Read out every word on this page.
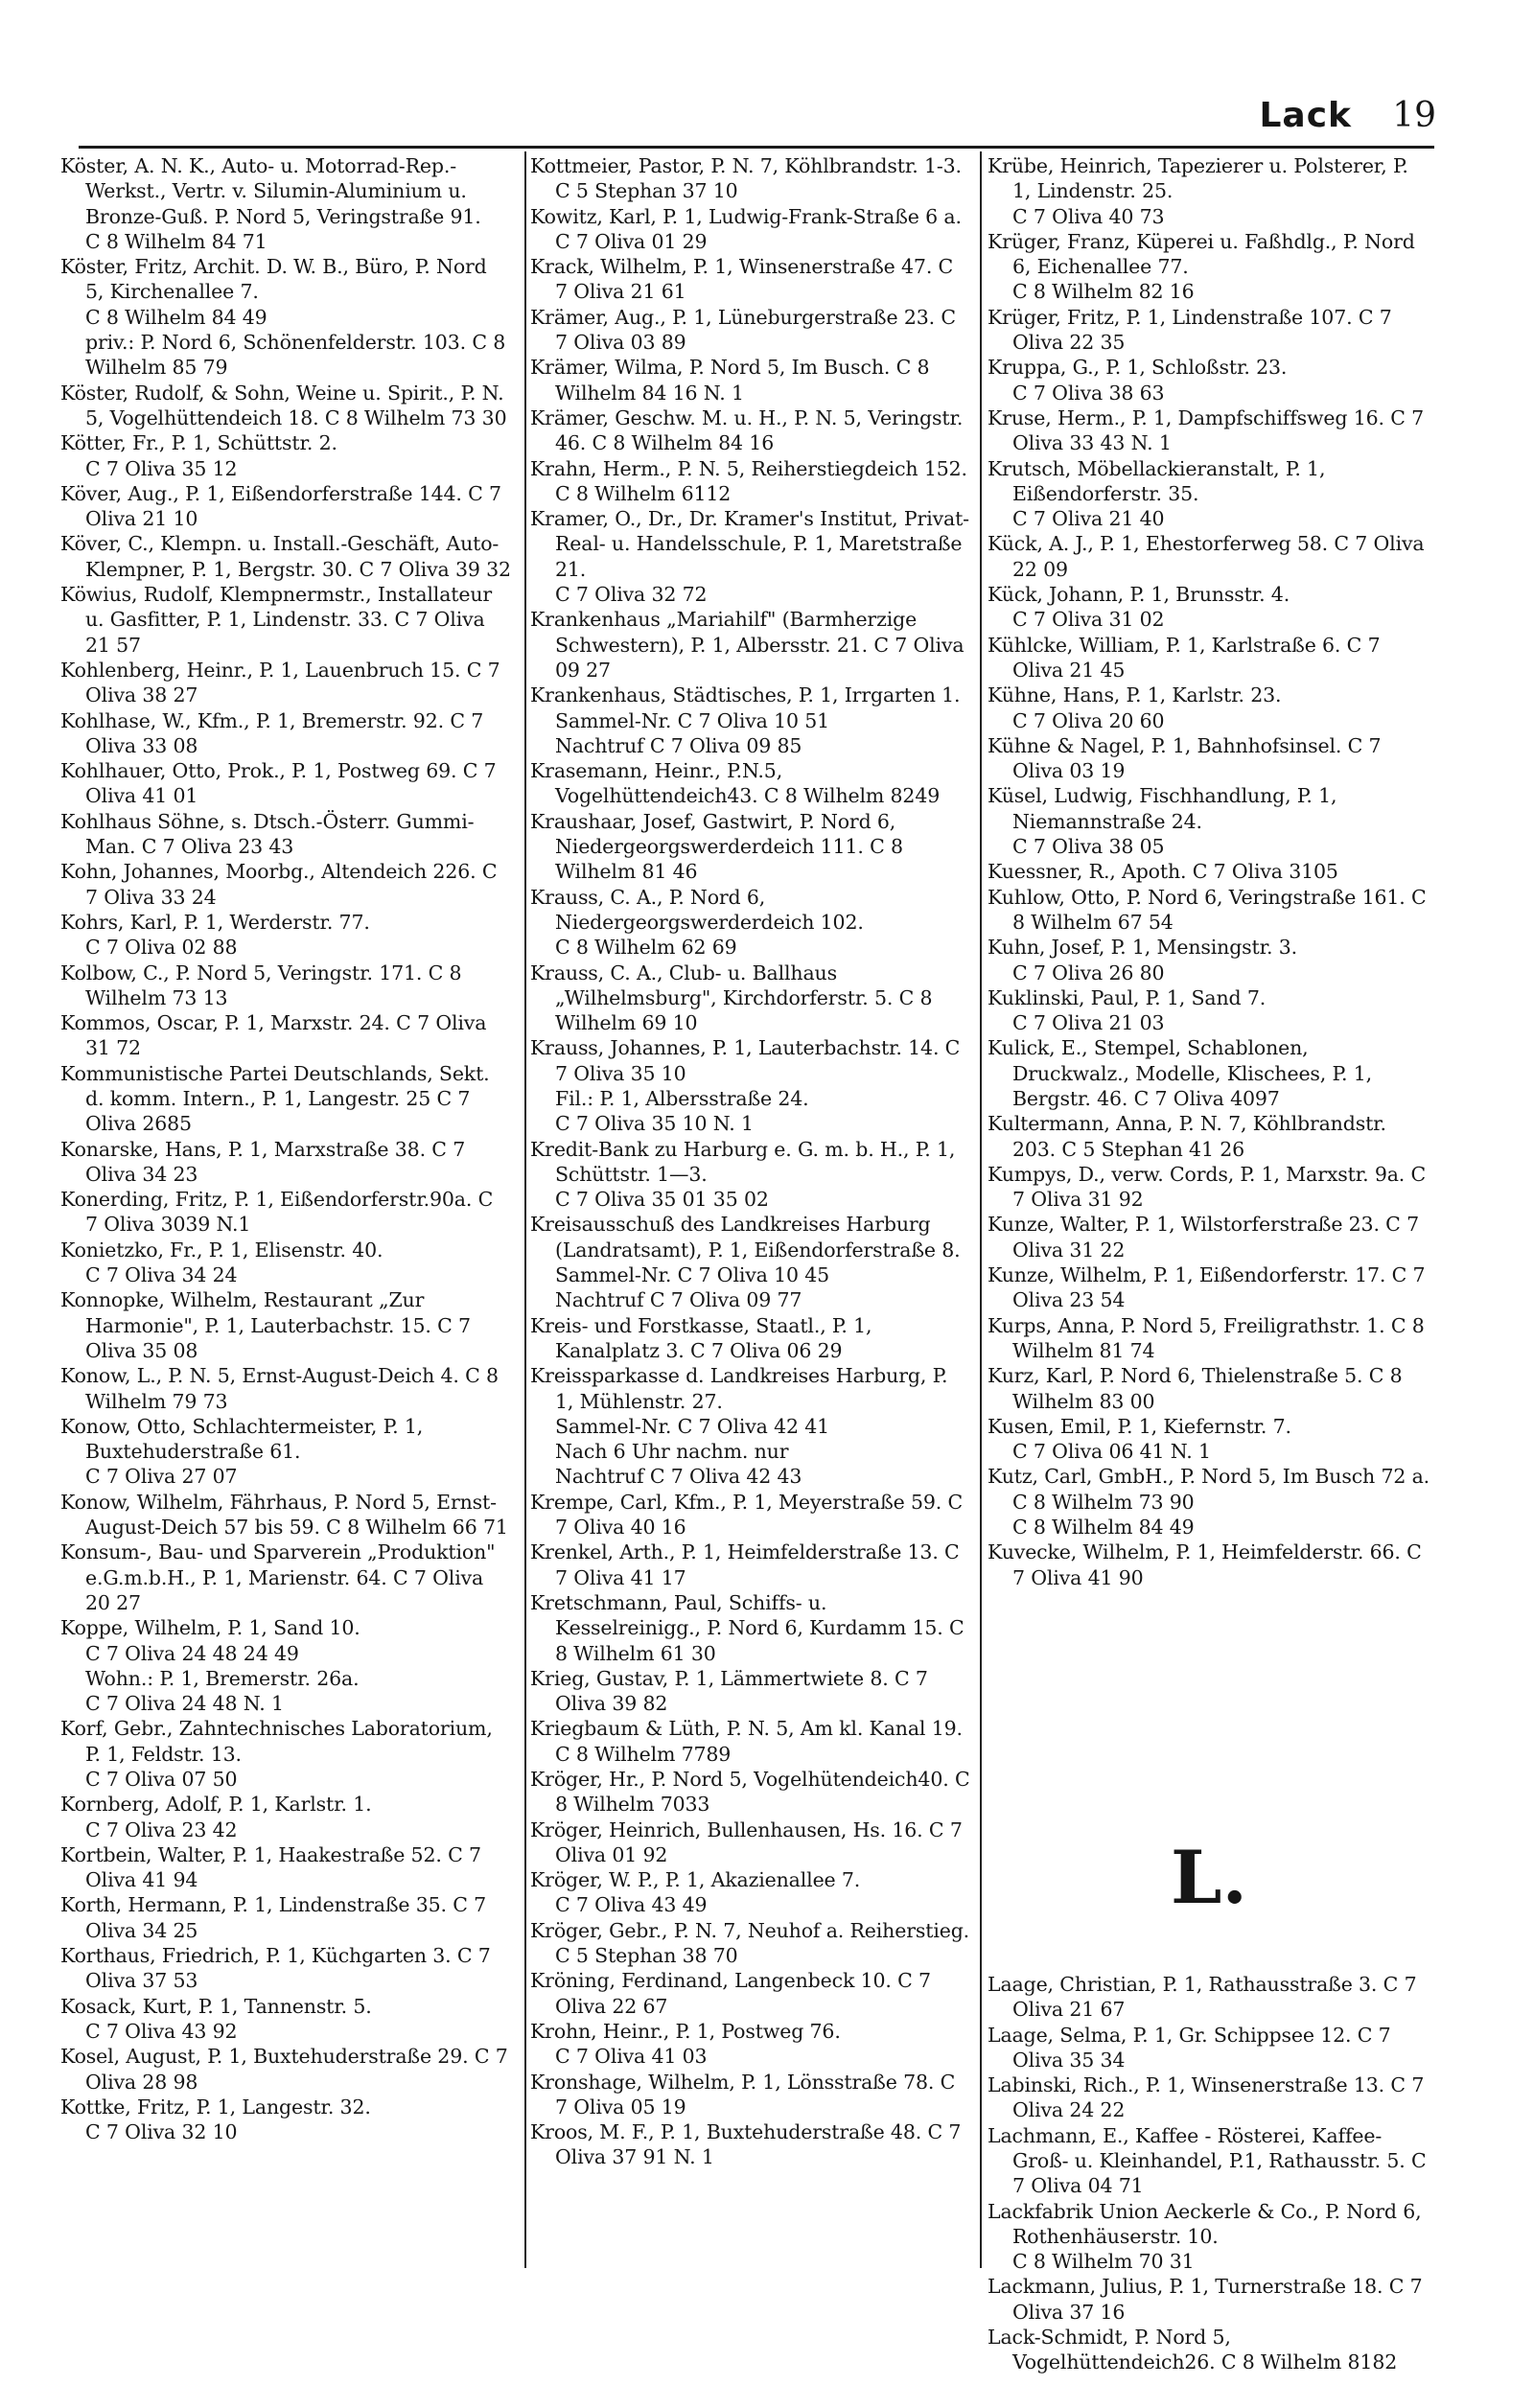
Lack 19
Köster, A. N. K., Auto- u. Motorrad-Rep.-Werkst., Vertr. v. Silumin-Aluminium u. Bronze-Guß. P. Nord 5, Veringstraße 91.
C 8 Wilhelm 84 71
Köster, Fritz, Archit. D. W. B., Büro, P. Nord 5, Kirchenallee 7.
C 8 Wilhelm 84 49
priv.: P. Nord 6, Schönenfelderstr. 103. C 8 Wilhelm 85 79
Köster, Rudolf, & Sohn, Weine u. Spirit., P. N. 5, Vogelhüttendeich 18. C 8 Wilhelm 73 30
Kötter, Fr., P. 1, Schüttstr. 2.
C 7 Oliva 35 12
Köver, Aug., P. 1, Eißendorferstraße 144. C 7 Oliva 21 10
Köver, C., Klempn. u. Install.-Geschäft, Auto-Klempner, P. 1, Bergstr. 30. C 7 Oliva 39 32
Köwius, Rudolf, Klempnermstr., Installateur u. Gasfitter, P. 1, Lindenstr. 33. C 7 Oliva 21 57
Kohlenberg, Heinr., P. 1, Lauenbruch 15. C 7 Oliva 38 27
Kohlhase, W., Kfm., P. 1, Bremerstr. 92. C 7 Oliva 33 08
Kohlhauer, Otto, Prok., P. 1, Postweg 69. C 7 Oliva 41 01
Kohlhaus Söhne, s. Dtsch.-Österr. Gummi-Man. C 7 Oliva 23 43
Kohn, Johannes, Moorbg., Altendeich 226. C 7 Oliva 33 24
Kohrs, Karl, P. 1, Werderstr. 77.
C 7 Oliva 02 88
Kolbow, C., P. Nord 5, Veringstr. 171. C 8 Wilhelm 73 13
Kommos, Oscar, P. 1, Marxstr. 24. C 7 Oliva 31 72
Kommunistische Partei Deutschlands, Sekt. d. komm. Intern., P. 1, Langestr. 25 C 7 Oliva 2685
Konarske, Hans, P. 1, Marxstraße 38. C 7 Oliva 34 23
Konerding, Fritz, P. 1, Eißendorferstr.90a. C 7 Oliva 3039 N.1
Konietzko, Fr., P. 1, Elisenstr. 40.
C 7 Oliva 34 24
Konnopke, Wilhelm, Restaurant „Zur Harmonie", P. 1, Lauterbachstr. 15. C 7 Oliva 35 08
Konow, L., P. N. 5, Ernst-August-Deich 4. C 8 Wilhelm 79 73
Konow, Otto, Schlachtermeister, P. 1, Buxtehuderstraße 61.
C 7 Oliva 27 07
Konow, Wilhelm, Fährhaus, P. Nord 5, Ernst-August-Deich 57 bis 59. C 8 Wilhelm 66 71
Konsum-, Bau- und Sparverein „Produktion" e.G.m.b.H., P. 1, Marienstr. 64. C 7 Oliva 20 27
Koppe, Wilhelm, P. 1, Sand 10.
C 7 Oliva 24 48 24 49
Wohn.: P. 1, Bremerstr. 26a.
C 7 Oliva 24 48 N. 1
Korf, Gebr., Zahntechnisches Laboratorium, P. 1, Feldstr. 13.
C 7 Oliva 07 50
Kornberg, Adolf, P. 1, Karlstr. 1.
C 7 Oliva 23 42
Kortbein, Walter, P. 1, Haakestraße 52. C 7 Oliva 41 94
Korth, Hermann, P. 1, Lindenstraße 35. C 7 Oliva 34 25
Korthaus, Friedrich, P. 1, Küchgarten 3. C 7 Oliva 37 53
Kosack, Kurt, P. 1, Tannenstr. 5.
C 7 Oliva 43 92
Kosel, August, P. 1, Buxtehuderstraße 29. C 7 Oliva 28 98
Kottke, Fritz, P. 1, Langestr. 32.
C 7 Oliva 32 10
Kottmeier, Pastor, P. N. 7, Köhlbrandstr. 1-3. C 5 Stephan 37 10
Kowitz, Karl, P. 1, Ludwig-Frank-Straße 6 a. C 7 Oliva 01 29
Krack, Wilhelm, P. 1, Winsenerstraße 47. C 7 Oliva 21 61
Krämer, Aug., P. 1, Lüneburgerstraße 23. C 7 Oliva 03 89
Krämer, Wilma, P. Nord 5, Im Busch. C 8 Wilhelm 84 16 N. 1
Krämer, Geschw. M. u. H., P. N. 5, Veringstr. 46. C 8 Wilhelm 84 16
Krahn, Herm., P. N. 5, Reiherstiegdeich 152. C 8 Wilhelm 6112
Kramer, O., Dr., Dr. Kramer's Institut, Privat-Real- u. Handelsschule, P. 1, Maretstraße 21.
C 7 Oliva 32 72
Krankenhaus „Mariahilf" (Barmherzige Schwestern), P. 1, Albersstr. 21. C 7 Oliva 09 27
Krankenhaus, Städtisches, P. 1, Irrgarten 1.
Sammel-Nr. C 7 Oliva 10 51
Nachtruf C 7 Oliva 09 85
Krasemann, Heinr., P.N.5, Vogelhüttendeich43. C 8 Wilhelm 8249
Kraushaar, Josef, Gastwirt, P. Nord 6, Niedergeorgswerderdeich 111. C 8 Wilhelm 81 46
Krauss, C. A., P. Nord 6, Niedergeorgswerderdeich 102.
C 8 Wilhelm 62 69
Krauss, C. A., Club- u. Ballhaus „Wilhelmsburg", Kirchdorferstr. 5. C 8 Wilhelm 69 10
Krauss, Johannes, P. 1, Lauterbachstr. 14. C 7 Oliva 35 10
Fil.: P. 1, Albersstraße 24.
C 7 Oliva 35 10 N. 1
Kredit-Bank zu Harburg e. G. m. b. H., P. 1, Schüttstr. 1—3.
C 7 Oliva 35 01 35 02
Kreisausschuß des Landkreises Harburg (Landratsamt), P. 1, Eißendorferstraße 8.
Sammel-Nr. C 7 Oliva 10 45
Nachtruf C 7 Oliva 09 77
Kreis- und Forstkasse, Staatl., P. 1, Kanalplatz 3. C 7 Oliva 06 29
Kreissparkasse d. Landkreises Harburg, P. 1, Mühlenstr. 27.
Sammel-Nr. C 7 Oliva 42 41
Nach 6 Uhr nachm. nur
Nachtruf C 7 Oliva 42 43
Krempe, Carl, Kfm., P. 1, Meyerstraße 59. C 7 Oliva 40 16
Krenkel, Arth., P. 1, Heimfelderstraße 13. C 7 Oliva 41 17
Kretschmann, Paul, Schiffs- u. Kesselreinigg., P. Nord 6, Kurdamm 15. C 8 Wilhelm 61 30
Krieg, Gustav, P. 1, Lämmertwiete 8. C 7 Oliva 39 82
Kriegbaum & Lüth, P. N. 5, Am kl. Kanal 19. C 8 Wilhelm 7789
Kröger, Hr., P. Nord 5, Vogelhütendeich40. C 8 Wilhelm 7033
Kröger, Heinrich, Bullenhausen, Hs. 16. C 7 Oliva 01 92
Kröger, W. P., P. 1, Akazienallee 7.
C 7 Oliva 43 49
Kröger, Gebr., P. N. 7, Neuhof a. Reiherstieg. C 5 Stephan 38 70
Kröning, Ferdinand, Langenbeck 10. C 7 Oliva 22 67
Krohn, Heinr., P. 1, Postweg 76.
C 7 Oliva 41 03
Kronshage, Wilhelm, P. 1, Lönsstraße 78. C 7 Oliva 05 19
Kroos, M. F., P. 1, Buxtehuderstraße 48. C 7 Oliva 37 91 N. 1
Krübe, Heinrich, Tapezierer u. Polsterer, P. 1, Lindenstr. 25.
C 7 Oliva 40 73
Krüger, Franz, Küperei u. Faßhdlg., P. Nord 6, Eichenallee 77.
C 8 Wilhelm 82 16
Krüger, Fritz, P. 1, Lindenstraße 107. C 7 Oliva 22 35
Kruppa, G., P. 1, Schloßstr. 23.
C 7 Oliva 38 63
Kruse, Herm., P. 1, Dampfschiffsweg 16. C 7 Oliva 33 43 N. 1
Krutsch, Möbellackieranstalt, P. 1, Eißendorferstr. 35.
C 7 Oliva 21 40
Kück, A. J., P. 1, Ehestorferweg 58. C 7 Oliva 22 09
Kück, Johann, P. 1, Brunsstr. 4.
C 7 Oliva 31 02
Kühlcke, William, P. 1, Karlstraße 6. C 7 Oliva 21 45
Kühne, Hans, P. 1, Karlstr. 23.
C 7 Oliva 20 60
Kühne & Nagel, P. 1, Bahnhofsinsel. C 7 Oliva 03 19
Küsel, Ludwig, Fischhandlung, P. 1, Niemannstraße 24.
C 7 Oliva 38 05
Kuessner, R., Apoth. C 7 Oliva 3105
Kuhlow, Otto, P. Nord 6, Veringstraße 161. C 8 Wilhelm 67 54
Kuhn, Josef, P. 1, Mensingstr. 3.
C 7 Oliva 26 80
Kuklinski, Paul, P. 1, Sand 7.
C 7 Oliva 21 03
Kulick, E., Stempel, Schablonen, Druckwalz., Modelle, Klischees, P. 1, Bergstr. 46. C 7 Oliva 4097
Kultermann, Anna, P. N. 7, Köhlbrandstr. 203. C 5 Stephan 41 26
Kumpys, D., verw. Cords, P. 1, Marxstr. 9a. C 7 Oliva 31 92
Kunze, Walter, P. 1, Wilstorferstraße 23. C 7 Oliva 31 22
Kunze, Wilhelm, P. 1, Eißendorferstr. 17. C 7 Oliva 23 54
Kurps, Anna, P. Nord 5, Freiligrathstr. 1. C 8 Wilhelm 81 74
Kurz, Karl, P. Nord 6, Thielenstraße 5. C 8 Wilhelm 83 00
Kusen, Emil, P. 1, Kiefernstr. 7.
C 7 Oliva 06 41 N. 1
Kutz, Carl, GmbH., P. Nord 5, Im Busch 72 a.
C 8 Wilhelm 73 90
C 8 Wilhelm 84 49
Kuvecke, Wilhelm, P. 1, Heimfelderstr. 66. C 7 Oliva 41 90
L.
Laage, Christian, P. 1, Rathausstraße 3. C 7 Oliva 21 67
Laage, Selma, P. 1, Gr. Schippsee 12. C 7 Oliva 35 34
Labinski, Rich., P. 1, Winsenerstraße 13. C 7 Oliva 24 22
Lachmann, E., Kaffee - Rösterei, Kaffee-Groß- u. Kleinhandel, P.1, Rathausstr. 5. C 7 Oliva 04 71
Lackfabrik Union Aeckerle & Co., P. Nord 6, Rothenhäuserstr. 10.
C 8 Wilhelm 70 31
Lackmann, Julius, P. 1, Turnerstraße 18. C 7 Oliva 37 16
Lack-Schmidt, P. Nord 5, Vogelhüttendeich26. C 8 Wilhelm 8182
